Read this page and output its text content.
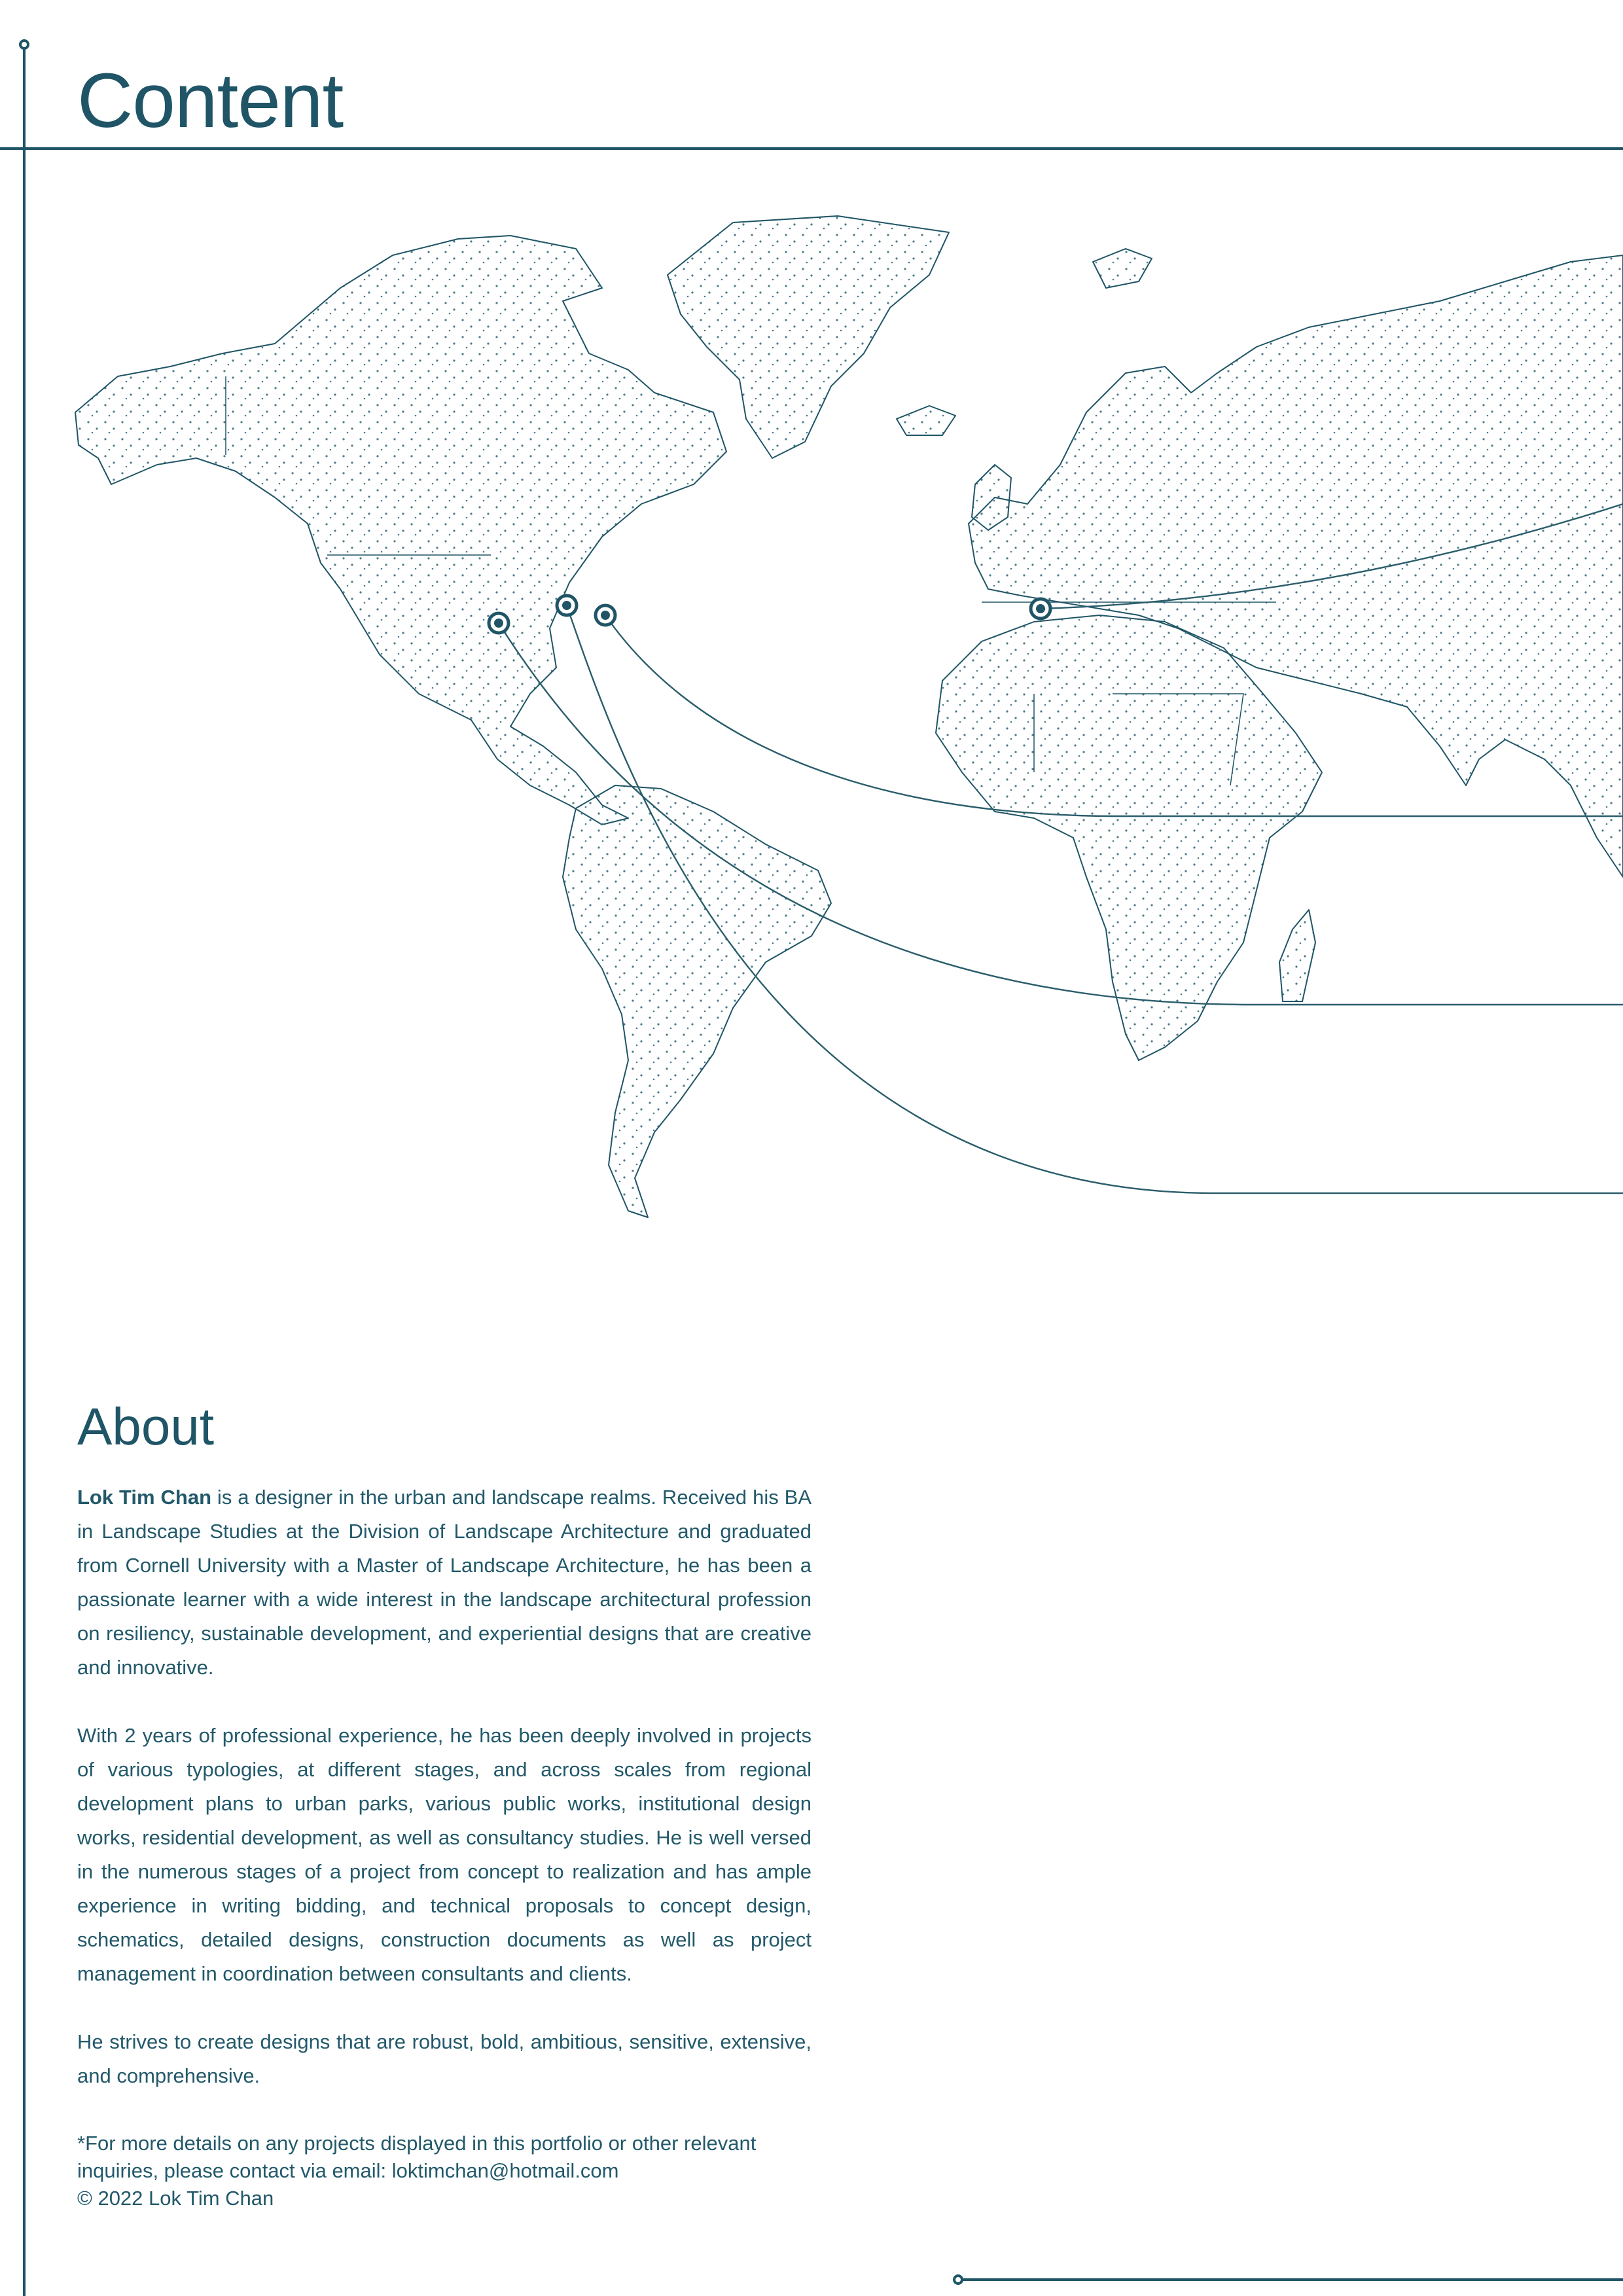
Content
About

Lok Tim Chan is a designer in the urban and landscape realms. Received his BA in Landscape Studies at the Division of Landscape Architecture and graduated from Cornell University with a Master of Landscape Architecture, he has been a passionate learner with a wide interest in the landscape architectural profession on resiliency, sustainable development, and experiential designs that are creative and innovative.

With 2 years of professional experience, he has been deeply involved in projects of various typologies, at different stages, and across scales from regional development plans to urban parks, various public works, institutional design works, residential development, as well as consultancy studies. He is well versed in the numerous stages of a project from concept to realization and has ample experience in writing bidding, and technical proposals to concept design, schematics, detailed designs, construction documents as well as project management in coordination between consultants and clients.

He strives to create designs that are robust, bold, ambitious, sensitive, extensive, and comprehensive.

*For more details on any projects displayed in this portfolio or other relevant inquiries, please contact via email: loktimchan@hotmail.com
© 2022 Lok Tim Chan
